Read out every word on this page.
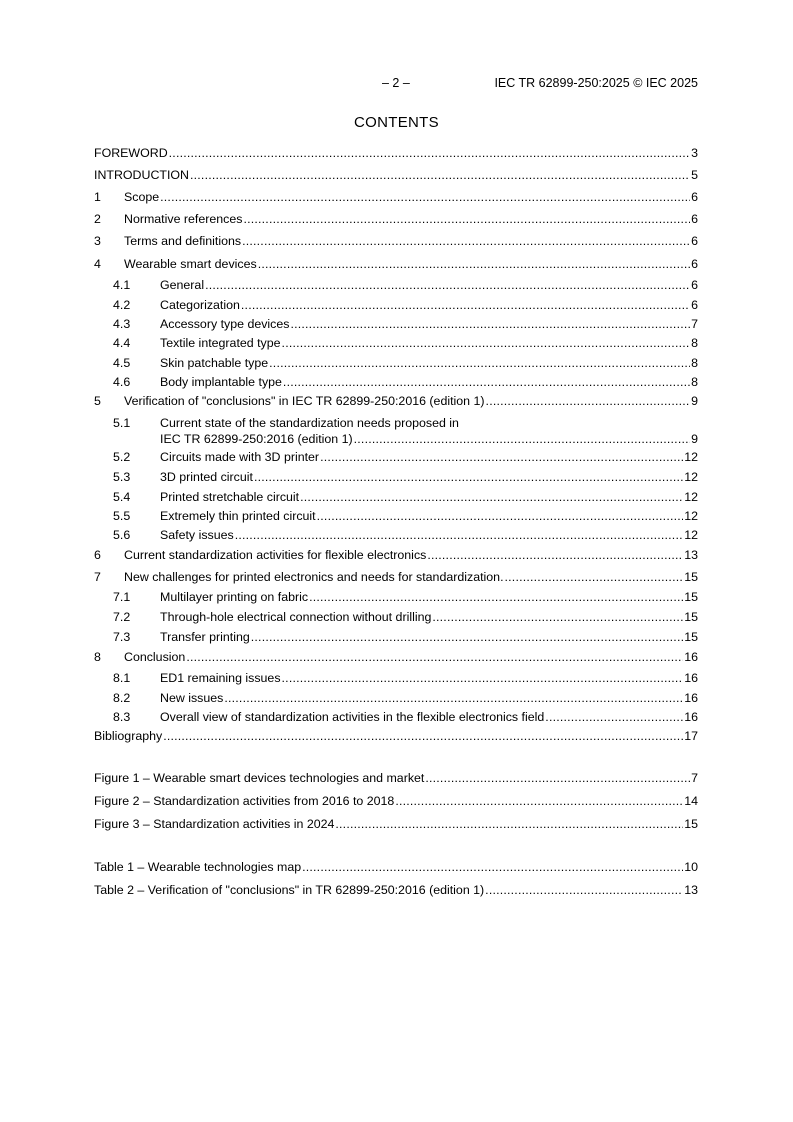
– 2 –	IEC TR 62899-250:2025 © IEC 2025
CONTENTS
FOREWORD .....	3
INTRODUCTION .....	5
1	Scope .....	6
2	Normative references .....	6
3	Terms and definitions .....	6
4	Wearable smart devices .....	6
4.1	General .....	6
4.2	Categorization .....	6
4.3	Accessory type devices .....	7
4.4	Textile integrated type .....	8
4.5	Skin patchable type .....	8
4.6	Body implantable type .....	8
5	Verification of "conclusions" in IEC TR 62899-250:2016 (edition 1) .....	9
5.1	Current state of the standardization needs proposed in
IEC TR 62899-250:2016 (edition 1) .....	9
5.2	Circuits made with 3D printer .....	12
5.3	3D printed circuit .....	12
5.4	Printed stretchable circuit .....	12
5.5	Extremely thin printed circuit .....	12
5.6	Safety issues .....	12
6	Current standardization activities for flexible electronics .....	13
7	New challenges for printed electronics and needs for standardization. .....	15
7.1	Multilayer printing on fabric .....	15
7.2	Through-hole electrical connection without drilling .....	15
7.3	Transfer printing .....	15
8	Conclusion .....	16
8.1	ED1 remaining issues .....	16
8.2	New issues .....	16
8.3	Overall view of standardization activities in the flexible electronics field .....	16
Bibliography .....	17
Figure 1 – Wearable smart devices technologies and market .....	7
Figure 2 – Standardization activities from 2016 to 2018 .....	14
Figure 3 – Standardization activities in 2024 .....	15
Table 1 – Wearable technologies map .....	10
Table 2 – Verification of "conclusions" in TR 62899-250:2016 (edition 1) .....	13
